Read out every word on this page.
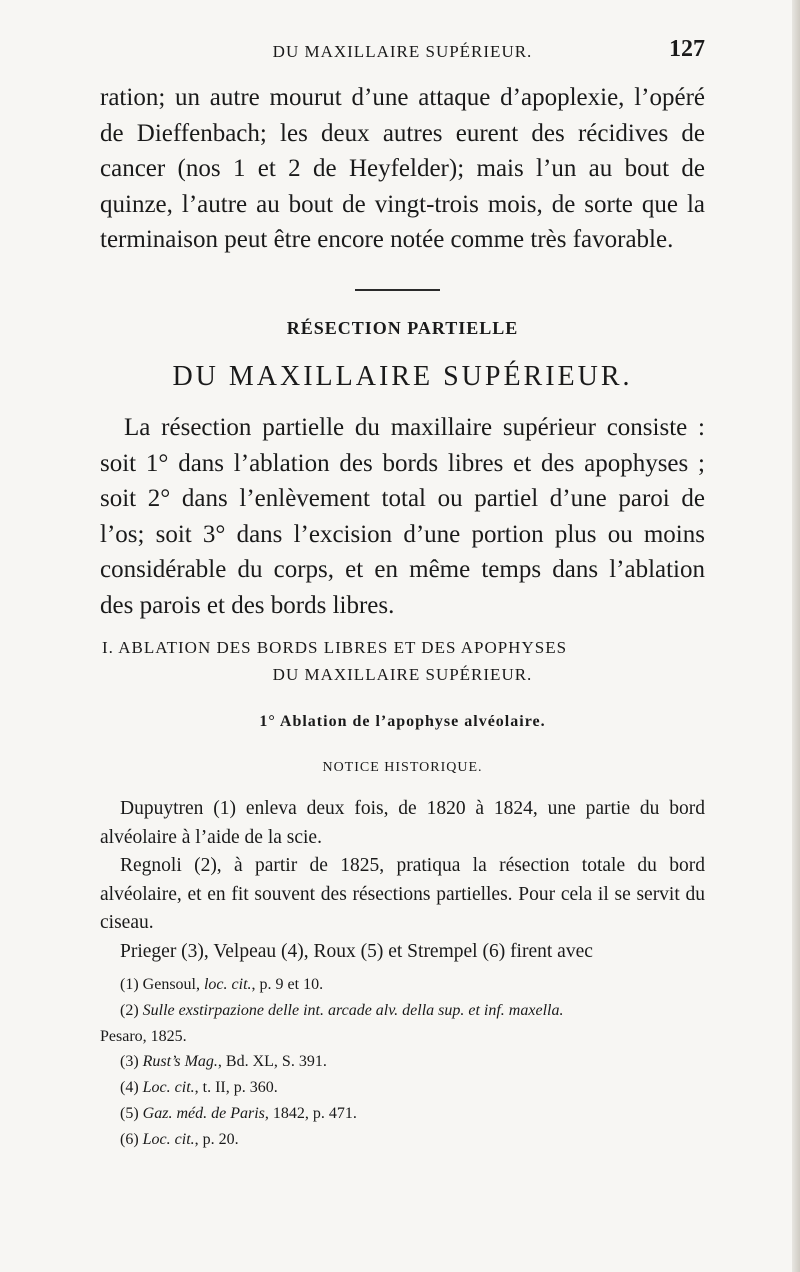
DU MAXILLAIRE SUPÉRIEUR.	127

ration; un autre mourut d’une attaque d’apoplexie, l’opéré de Dieffenbach; les deux autres eurent des récidives de cancer (nos 1 et 2 de Heyfelder); mais l’un au bout de quinze, l’autre au bout de vingt-trois mois, de sorte que la terminaison peut être encore notée comme très favorable.

RÉSECTION PARTIELLE
DU MAXILLAIRE SUPÉRIEUR.

La résection partielle du maxillaire supérieur consiste : soit 1° dans l’ablation des bords libres et des apophyses ; soit 2° dans l’enlèvement total ou partiel d’une paroi de l’os; soit 3° dans l’excision d’une portion plus ou moins considérable du corps, et en même temps dans l’ablation des parois et des bords libres.

I. ABLATION DES BORDS LIBRES ET DES APOPHYSES
DU MAXILLAIRE SUPÉRIEUR.
1° Ablation de l’apophyse alvéolaire.
NOTICE HISTORIQUE.

Dupuytren (1) enleva deux fois, de 1820 à 1824, une partie du bord alvéolaire à l’aide de la scie.

Regnoli (2), à partir de 1825, pratiqua la résection totale du bord alvéolaire, et en fit souvent des résections partielles. Pour cela il se servit du ciseau.

Prieger (3), Velpeau (4), Roux (5) et Strempel (6) firent avec

(1) Gensoul, loc. cit., p. 9 et 10.
(2) Sulle exstirpazione delle int. arcade alv. della sup. et inf. maxella.
Pesaro, 1825.
(3) Rust’s Mag., Bd. XL, S. 391.
(4) Loc. cit., t. II, p. 360.
(5) Gaz. méd. de Paris, 1842, p. 471.
(6) Loc. cit., p. 20.
